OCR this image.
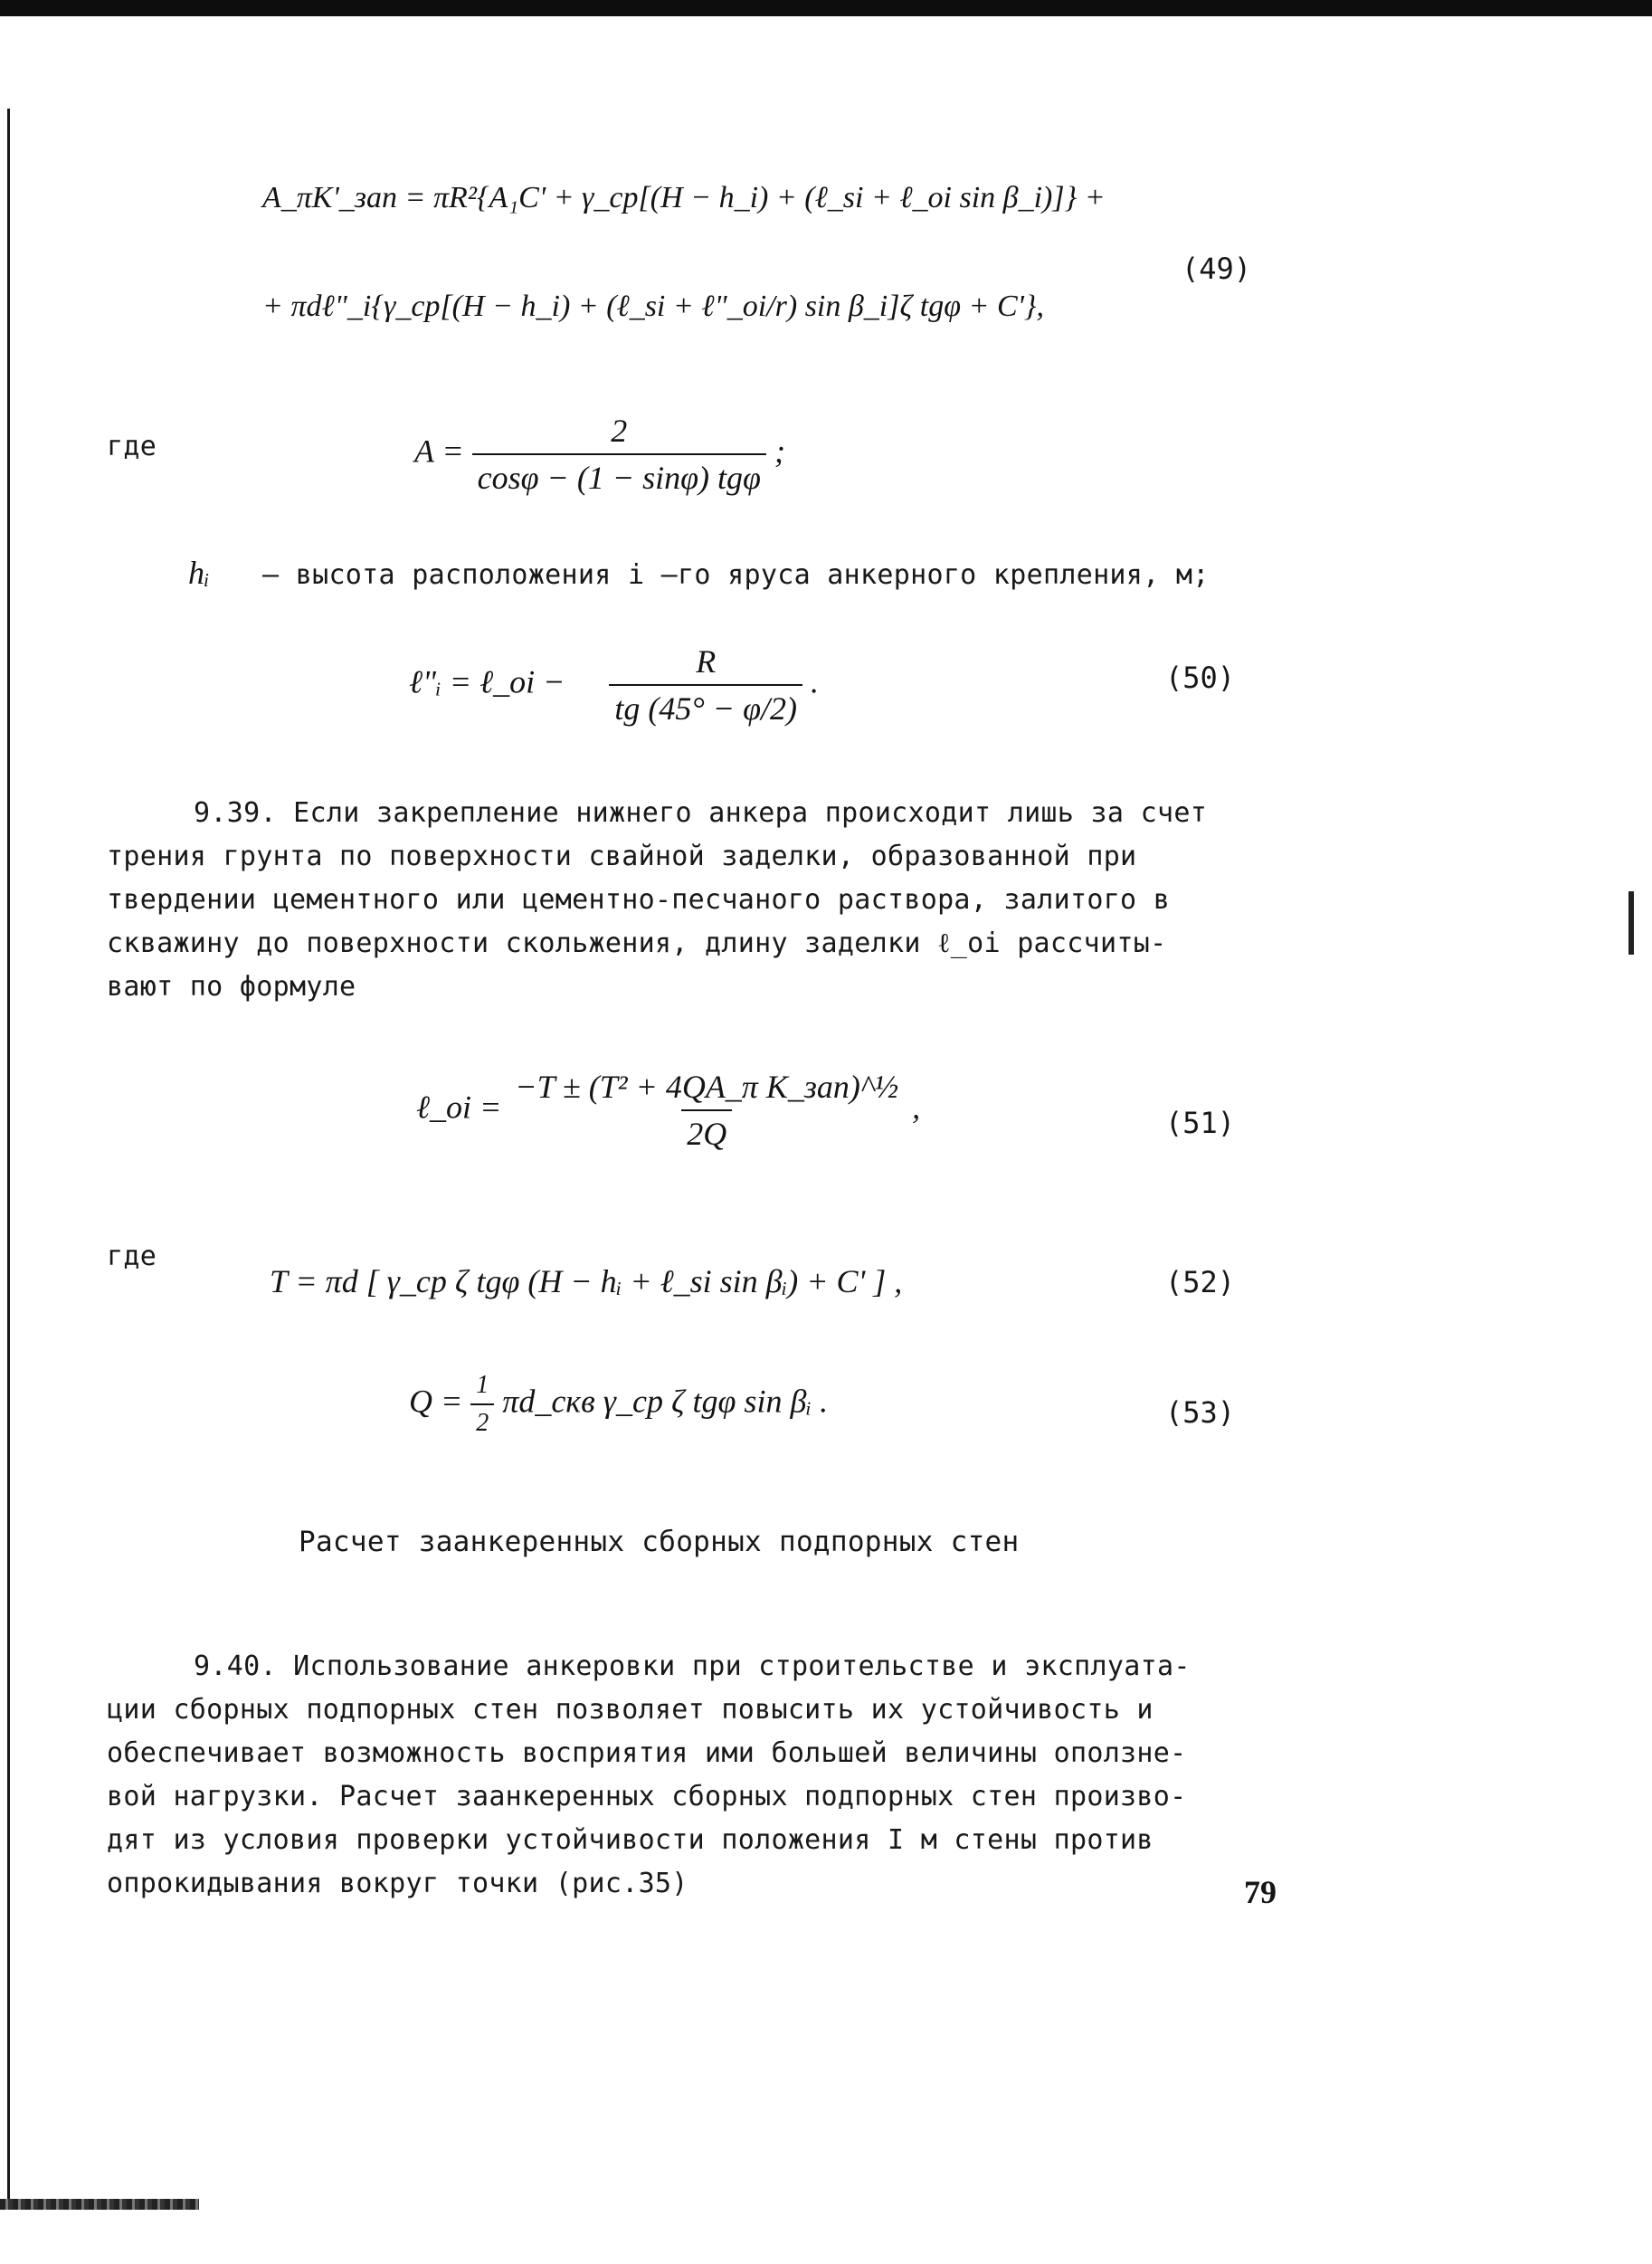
A_πK'_зап = πR²{A₁C' + γ_ср[(H − h_i) + (ℓ_si + ℓ_oi sin β_i)]} +
+ πdℓ"_i{γ_ср[(H − h_i) + (ℓ_si + ℓ"_oi/r) sin β_i]ζ tgφ + C'},
(49)
где	$A = \frac{2}{\text{cosφ − (1 − sinφ) tgφ}}$ ;
hᵢ – высота расположения i –го яруса анкерного крепления, м;
ℓ"ᵢ = ℓ_oi − $\frac{R}{tg (45^\circ - \varphi/2)}$ .	(50)
9.39. Если закрепление нижнего анкера происходит лишь за счет
трения грунта по поверхности свайной заделки, образованной при
твердении цементного или цементно-песчаного раствора, залитого в
скважину до поверхности скольжения, длину заделки ℓ_oi рассчиты-
вают по формуле
ℓ_oi = $\frac{\text{−T ± (T² + 4QA\_π K\_зап)\textasciicircum{}½}}{2Q}$ ,	(51)
где
T = πd [ γ_ср ζ tgφ (H − hᵢ + ℓ_si sin βᵢ) + C' ] ,	(52)
$Q = \frac{1}{2}$ πd_скв γ_ср ζ tgφ sin βᵢ .	(53)
Расчет заанкеренных сборных подпорных стен
9.40. Использование анкеровки при строительстве и эксплуата-
ции сборных подпорных стен позволяет повысить их устойчивость и
обеспечивает возможность восприятия ими большей величины оползне-
вой нагрузки. Расчет заанкеренных сборных подпорных стен произво-
дят из условия проверки устойчивости положения I м стены против
опрокидывания вокруг точки (рис.35)	79
